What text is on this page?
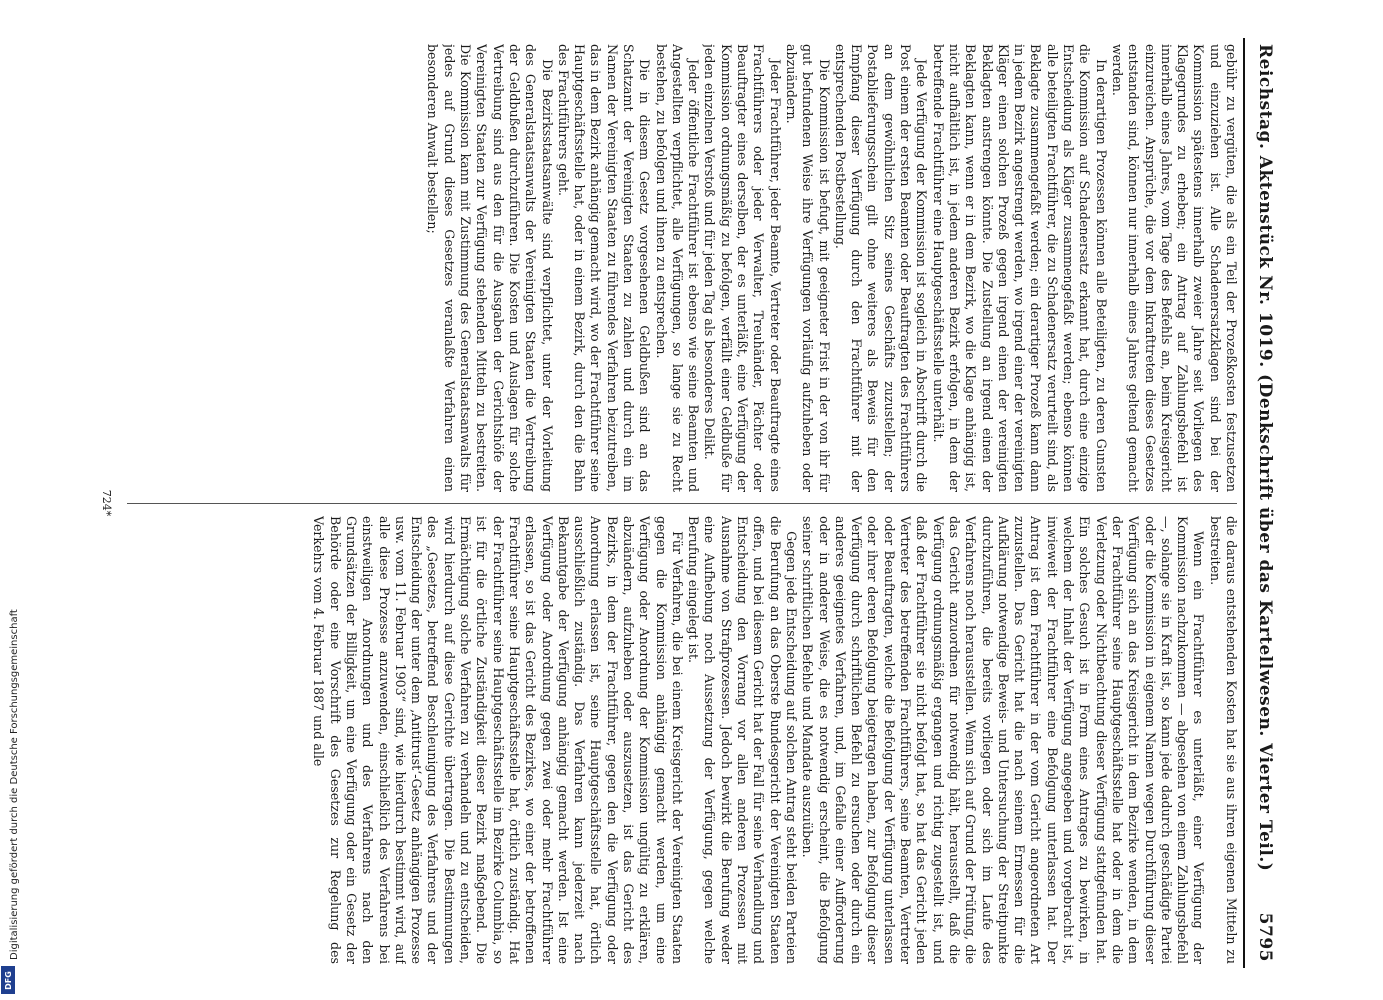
Digitalisierung gefördert durch die Deutsche Forschungsgemeinschaft
DFG
Reichstag. Aktenstück Nr. 1019. (Denkschrift über das Kartellwesen. Vierter Teil.)
5795

gebühr zu vergüten, die als ein Teil der Prozeßkosten festzusetzen und einzuziehen ist. Alle Schadenersatzklagen sind bei der Kommission spätestens innerhalb zweier Jahre seit Vorliegen des Klagegrundes zu erheben; ein Antrag auf Zahlungsbefehl ist innerhalb eines Jahres, vom Tage des Befehls an, beim Kreisgericht einzureichen. Ansprüche, die vor dem Inkrafttreten dieses Gesetzes entstanden sind, können nur innerhalb eines Jahres geltend gemacht werden.

In derartigen Prozessen können alle Beteiligten, zu deren Gunsten die Kommission auf Schadenersatz erkannt hat, durch eine einzige Entscheidung als Kläger zusammengefaßt werden; ebenso können alle beteiligten Frachtführer, die zu Schadenersatz verurteilt sind, als Beklagte zusammengefaßt werden; ein derartiger Prozeß kann dann in jedem Bezirk angestrengt werden, wo irgend einer der vereinigten Kläger einen solchen Prozeß gegen irgend einen der vereinigten Beklagten anstrengen könnte. Die Zustellung an irgend einen der Beklagten kann, wenn er in dem Bezirk, wo die Klage anhängig ist, nicht aufhältlich ist, in jedem anderen Bezirk erfolgen, in dem der betreffende Frachtführer eine Hauptgeschäftsstelle unterhält.

Jede Verfügung der Kommission ist sogleich in Abschrift durch die Post einem der ersten Beamten oder Beauftragten des Frachtführers an dem gewöhnlichen Sitz seines Geschäfts zuzustellen; der Postablieferungsschein gilt ohne weiteres als Beweis für den Empfang dieser Verfügung durch den Frachtführer mit der entsprechenden Postbestellung.

Die Kommission ist befugt, mit geeigneter Frist in der von ihr für gut befundenen Weise ihre Verfügungen vorläufig aufzuheben oder abzuändern.

Jeder Frachtführer, jeder Beamte, Vertreter oder Beauftragte eines Frachtführers oder jeder Verwalter, Treuhänder, Pächter oder Beauftragter eines derselben, der es unterläßt, eine Verfügung der Kommission ordnungsmäßig zu befolgen, verfällt einer Geldbuße für jeden einzelnen Verstoß und für jeden Tag als besonderes Delikt.

Jeder öffentliche Frachtführer ist ebenso wie seine Beamten und Angestellten verpflichtet, alle Verfügungen, so lange sie zu Recht bestehen, zu befolgen und ihnen zu entsprechen.

Die in diesem Gesetz vorgesehenen Geldbußen sind an das Schatzamt der Vereinigten Staaten zu zahlen und durch ein im Namen der Vereinigten Staaten zu führendes Verfahren beizutreiben, das in dem Bezirk anhängig gemacht wird, wo der Frachtführer seine Hauptgeschäftsstelle hat, oder in einem Bezirk, durch den die Bahn des Frachtführers geht.

Die Bezirksstaatsanwälte sind verpflichtet, unter der Vorleitung des Generalstaatsanwalts der Vereinigten Staaten die Vertreibung der Geldbußen durchzuführen. Die Kosten und Auslagen für solche Vertreibung sind aus den für die Ausgaben der Gerichtshöfe der Vereinigten Staaten zur Verfügung stehenden Mitteln zu bestreiten. Die Kommission kann mit Zustimmung des Generalstaatsanwalts für jedes auf Grund dieses Gesetzes veranlaßte Verfahren einen besonderen Anwalt bestellen;

die daraus entstehenden Kosten hat sie aus ihren eigenen Mitteln zu bestreiten.

Wenn ein Frachtführer es unterläßt, einer Verfügung der Kommission nachzukommen — abgesehen von einem Zahlungsbefehl —, solange sie in Kraft ist, so kann jede dadurch geschädigte Partei oder die Kommission in eigenem Namen wegen Durchführung dieser Verfügung sich an das Kreisgericht in dem Bezirke wenden, in dem der Frachtführer seine Hauptgeschäftsstelle hat oder in dem die Verletzung oder Nichtbeachtung dieser Verfügung stattgefunden hat. Ein solches Gesuch ist in Form eines Antrages zu bewirken, in welchem der Inhalt der Verfügung angegeben und vorgebracht ist, inwieweit der Frachtführer eine Befolgung unterlassen hat. Der Antrag ist dem Frachtführer in der vom Gericht angeordneten Art zuzustellen. Das Gericht hat die nach seinem Ermessen für die Aufklärung notwendige Beweis- und Untersuchung der Streitpunkte durchzuführen, die bereits vorliegen oder sich im Laufe des Verfahrens noch herausstellen. Wenn sich auf Grund der Prüfung, die das Gericht anzuordnen für notwendig hält, herausstellt, daß die Verfügung ordnungsmäßig ergangen und richtig zugestellt ist, und daß der Frachtführer sie nicht befolgt hat, so hat das Gericht jeden Vertreter des betreffenden Frachtführers, seine Beamten, Vertreter oder Beauftragten, welche die Befolgung der Verfügung unterlassen oder ihrer deren Befolgung beigetragen haben, zur Befolgung dieser Verfügung durch schriftlichen Befehl zu ersuchen oder durch ein anderes geeignetes Verfahren, und, im Gefalle einer Aufforderung oder in anderer Weise, die es notwendig erscheint, die Befolgung seiner schriftlichen Befehle und Mandate auszuüben.

Gegen jede Entscheidung auf solchen Antrag steht beiden Parteien die Berufung an das Oberste Bundesgericht der Vereinigten Staaten offen, und bei diesem Gericht hat der Fall für seine Verhandlung und Entscheidung den Vorrang vor allen anderen Prozessen mit Ausnahme von Strafprozessen. Jedoch bewirkt die Berufung weder eine Aufhebung noch Aussetzung der Verfügung, gegen welche Berufung eingelegt ist.

Für Verfahren, die bei einem Kreisgericht der Vereinigten Staaten gegen die Kommission anhängig gemacht werden, um eine Verfügung oder Anordnung der Kommission ungültig zu erklären, abzuändern, aufzuheben oder auszusetzen, ist das Gericht des Bezirks, in dem der Frachtführer, gegen den die Verfügung oder Anordnung erlassen ist, seine Hauptgeschäftsstelle hat, örtlich ausschließlich zuständig. Das Verfahren kann jederzeit nach Bekanntgabe der Verfügung anhängig gemacht werden. Ist eine Verfügung oder Anordnung gegen zwei oder mehr Frachtführer erlassen, so ist das Gericht des Bezirkes, wo einer der betroffenen Frachtführer seine Hauptgeschäftsstelle hat, örtlich zuständig. Hat der Frachtführer seine Hauptgeschäftsstelle im Bezirke Columbia, so ist für die örtliche Zuständigkeit dieser Bezirk maßgebend. Die Ermächtigung solche Verfahren zu verhandeln und zu entscheiden, wird hierdurch auf diese Gerichte übertragen. Die Bestimmungen des „Gesetzes, betreffend Beschleunigung des Verfahrens und der Entscheidung der unter dem ‚Antitrust‘-Gesetz anhängigen Prozesse usw. vom 11. Februar 1903“ sind, wie hierdurch bestimmt wird, auf alle diese Prozesse anzuwenden, einschließlich des Verfahrens bei einstweiligen Anordnungen und des Verfahrens nach den Grundsätzen der Billigkeit, um eine Verfügung oder ein Gesetz der Behörde oder eine Vorschrift des Gesetzes zur Regelung des Verkehrs vom 4. Februar 1887 und alle

724*
